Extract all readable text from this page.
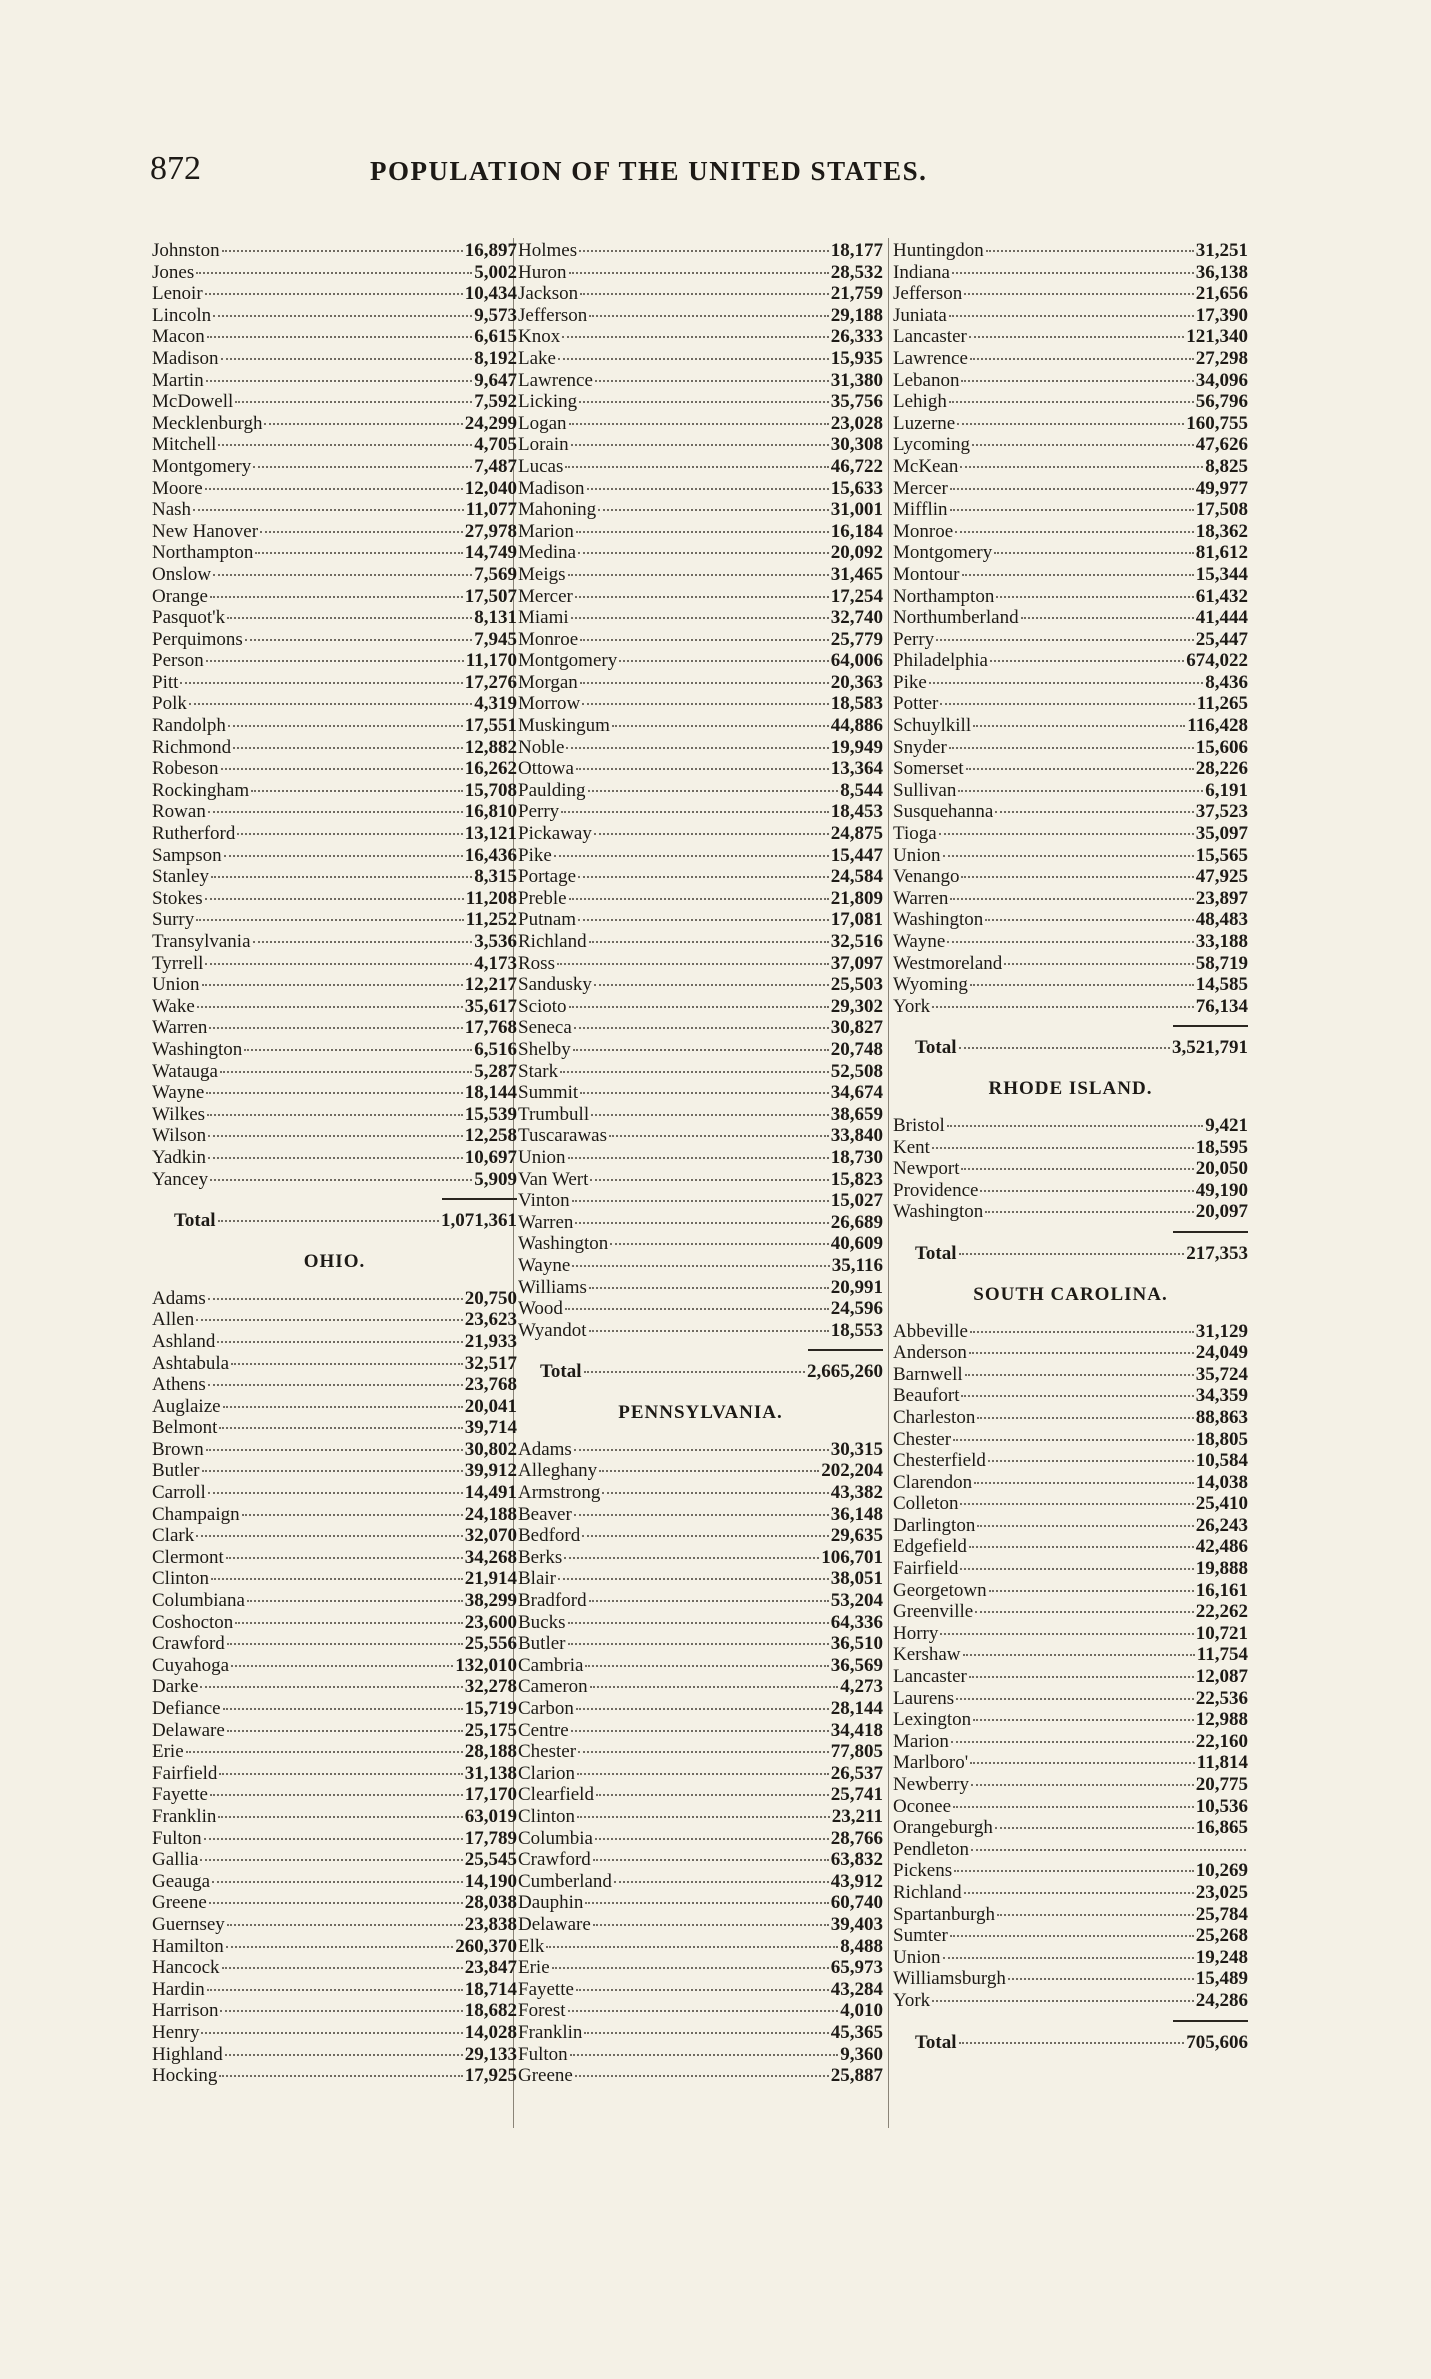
872	POPULATION OF THE UNITED STATES.
Johnston	16,897
Jones	5,002
Lenoir	10,434
Lincoln	9,573
Macon	6,615
Madison	8,192
Martin	9,647
McDowell	7,592
Mecklenburgh	24,299
Mitchell	4,705
Montgomery	7,487
Moore	12,040
Nash	11,077
New Hanover	27,978
Northampton	14,749
Onslow	7,569
Orange	17,507
Pasquot'k	8,131
Perquimons	7,945
Person	11,170
Pitt	17,276
Polk	4,319
Randolph	17,551
Richmond	12,882
Robeson	16,262
Rockingham	15,708
Rowan	16,810
Rutherford	13,121
Sampson	16,436
Stanley	8,315
Stokes	11,208
Surry	11,252
Transylvania	3,536
Tyrrell	4,173
Union	12,217
Wake	35,617
Warren	17,768
Washington	6,516
Watauga	5,287
Wayne	18,144
Wilkes	15,539
Wilson	12,258
Yadkin	10,697
Yancey	5,909
Total	1,071,361
OHIO.
Adams	20,750
Allen	23,623
Ashland	21,933
Ashtabula	32,517
Athens	23,768
Auglaize	20,041
Belmont	39,714
Brown	30,802
Butler	39,912
Carroll	14,491
Champaign	24,188
Clark	32,070
Clermont	34,268
Clinton	21,914
Columbiana	38,299
Coshocton	23,600
Crawford	25,556
Cuyahoga	132,010
Darke	32,278
Defiance	15,719
Delaware	25,175
Erie	28,188
Fairfield	31,138
Fayette	17,170
Franklin	63,019
Fulton	17,789
Gallia	25,545
Geauga	14,190
Greene	28,038
Guernsey	23,838
Hamilton	260,370
Hancock	23,847
Hardin	18,714
Harrison	18,682
Henry	14,028
Highland	29,133
Hocking	17,925
Holmes	18,177
Huron	28,532
Jackson	21,759
Jefferson	29,188
Knox	26,333
Lake	15,935
Lawrence	31,380
Licking	35,756
Logan	23,028
Lorain	30,308
Lucas	46,722
Madison	15,633
Mahoning	31,001
Marion	16,184
Medina	20,092
Meigs	31,465
Mercer	17,254
Miami	32,740
Monroe	25,779
Montgomery	64,006
Morgan	20,363
Morrow	18,583
Muskingum	44,886
Noble	19,949
Ottowa	13,364
Paulding	8,544
Perry	18,453
Pickaway	24,875
Pike	15,447
Portage	24,584
Preble	21,809
Putnam	17,081
Richland	32,516
Ross	37,097
Sandusky	25,503
Scioto	29,302
Seneca	30,827
Shelby	20,748
Stark	52,508
Summit	34,674
Trumbull	38,659
Tuscarawas	33,840
Union	18,730
Van Wert	15,823
Vinton	15,027
Warren	26,689
Washington	40,609
Wayne	35,116
Williams	20,991
Wood	24,596
Wyandot	18,553
Total	2,665,260
PENNSYLVANIA.
Adams	30,315
Alleghany	202,204
Armstrong	43,382
Beaver	36,148
Bedford	29,635
Berks	106,701
Blair	38,051
Bradford	53,204
Bucks	64,336
Butler	36,510
Cambria	36,569
Cameron	4,273
Carbon	28,144
Centre	34,418
Chester	77,805
Clarion	26,537
Clearfield	25,741
Clinton	23,211
Columbia	28,766
Crawford	63,832
Cumberland	43,912
Dauphin	60,740
Delaware	39,403
Elk	8,488
Erie	65,973
Fayette	43,284
Forest	4,010
Franklin	45,365
Fulton	9,360
Greene	25,887
Huntingdon	31,251
Indiana	36,138
Jefferson	21,656
Juniata	17,390
Lancaster	121,340
Lawrence	27,298
Lebanon	34,096
Lehigh	56,796
Luzerne	160,755
Lycoming	47,626
McKean	8,825
Mercer	49,977
Mifflin	17,508
Monroe	18,362
Montgomery	81,612
Montour	15,344
Northampton	61,432
Northumberland	41,444
Perry	25,447
Philadelphia	674,022
Pike	8,436
Potter	11,265
Schuylkill	116,428
Snyder	15,606
Somerset	28,226
Sullivan	6,191
Susquehanna	37,523
Tioga	35,097
Union	15,565
Venango	47,925
Warren	23,897
Washington	48,483
Wayne	33,188
Westmoreland	58,719
Wyoming	14,585
York	76,134
Total	3,521,791
RHODE ISLAND.
Bristol	9,421
Kent	18,595
Newport	20,050
Providence	49,190
Washington	20,097
Total	217,353
SOUTH CAROLINA.
Abbeville	31,129
Anderson	24,049
Barnwell	35,724
Beaufort	34,359
Charleston	88,863
Chester	18,805
Chesterfield	10,584
Clarendon	14,038
Colleton	25,410
Darlington	26,243
Edgefield	42,486
Fairfield	19,888
Georgetown	16,161
Greenville	22,262
Horry	10,721
Kershaw	11,754
Lancaster	12,087
Laurens	22,536
Lexington	12,988
Marion	22,160
Marlboro'	11,814
Newberry	20,775
Oconee	10,536
Orangeburgh	16,865
Pendleton
Pickens	10,269
Richland	23,025
Spartanburgh	25,784
Sumter	25,268
Union	19,248
Williamsburgh	15,489
York	24,286
Total	705,606
